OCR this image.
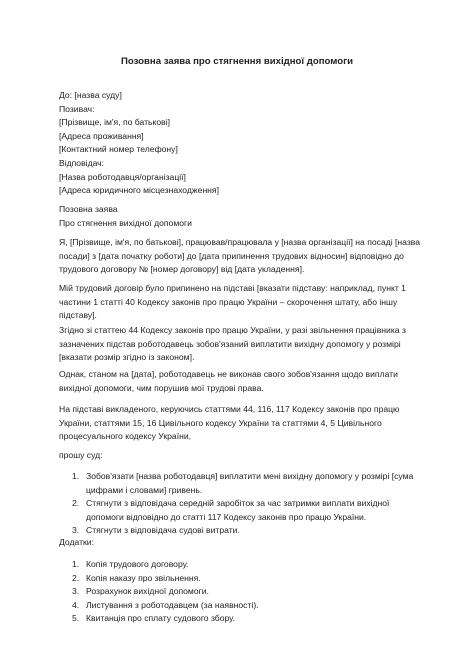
Позовна заява про стягнення вихідної допомоги
До: [назва суду]
Позивач:
[Прізвище, ім'я, по батькові]
[Адреса проживання]
[Контактний номер телефону]
Відповідач:
[Назва роботодавця/організації]
[Адреса юридичного місцезнаходження]
Позовна заява
Про стягнення вихідної допомоги
Я, [Прізвище, ім'я, по батькові], працював/працювала у [назва організації] на посаді [назва посади] з [дата початку роботи] до [дата припинення трудових відносин] відповідно до трудового договору № [номер договору] від [дата укладення].
Мій трудовий договір було припинено на підставі [вказати підставу: наприклад, пункт 1 частини 1 статті 40 Кодексу законів про працю України – скорочення штату, або іншу підставу].
Згідно зі статтею 44 Кодексу законів про працю України, у разі звільнення працівника з зазначених підстав роботодавець зобов'язаний виплатити вихідну допомогу у розмірі [вказати розмір згідно із законом].
Однак, станом на [дата], роботодавець не виконав свого зобов'язання щодо виплати вихідної допомоги, чим порушив мої трудові права.
На підставі викладеного, керуючись статтями 44, 116, 117 Кодексу законів про працю України, статтями 15, 16 Цивільного кодексу України та статтями 4, 5 Цивільного процесуального кодексу України,
прошу суд:
1. Зобов'язати [назва роботодавця] виплатити мені вихідну допомогу у розмірі [сума цифрами і словами] гривень.
2. Стягнути з відповідача середній заробіток за час затримки виплати вихідної допомоги відповідно до статті 117 Кодексу законів про працю України.
3. Стягнути з відповідача судові витрати.
Додатки:
1. Копія трудового договору.
2. Копія наказу про звільнення.
3. Розрахунок вихідної допомоги.
4. Листування з роботодавцем (за наявності).
5. Квитанція про сплату судового збору.
